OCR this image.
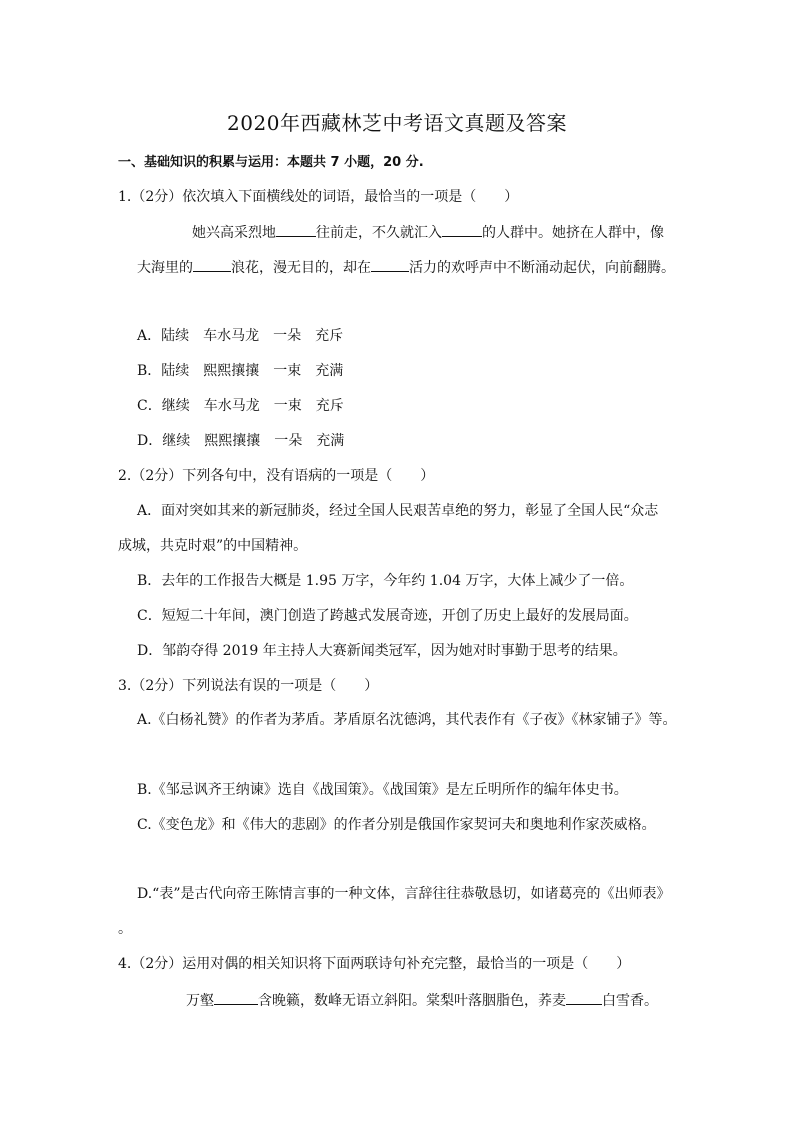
2020年西藏林芝中考语文真题及答案
一、基础知识的积累与运用：本题共 7 小题，20 分.
1.（2分）依次填入下面横线处的词语，最恰当的一项是（　　）
她兴高采烈地	往前走，不久就汇入	的人群中。她挤在人群中，像
大海里的	浪花，漫无目的，却在	活力的欢呼声中不断涌动起伏，向前翻腾。
A．陆续　车水马龙　一朵　充斥
B．陆续　熙熙攘攘　一束　充满
C．继续　车水马龙　一束　充斥
D．继续　熙熙攘攘　一朵　充满
2.（2分）下列各句中，没有语病的一项是（　　）
A．面对突如其来的新冠肺炎，经过全国人民艰苦卓绝的努力，彰显了全国人民“众志
成城，共克时艰”的中国精神。
B．去年的工作报告大概是 1.95 万字，今年约 1.04 万字，大体上减少了一倍。
C．短短二十年间，澳门创造了跨越式发展奇迹，开创了历史上最好的发展局面。
D．邹韵夺得 2019 年主持人大赛新闻类冠军，因为她对时事勤于思考的结果。
3.（2分）下列说法有误的一项是（　　）
A.《白杨礼赞》的作者为茅盾。茅盾原名沈德鸿，其代表作有《子夜》《林家铺子》等。
B.《邹忌讽齐王纳谏》选自《战国策》。《战国策》是左丘明所作的编年体史书。
C.《变色龙》和《伟大的悲剧》的作者分别是俄国作家契诃夫和奥地利作家茨威格。
D.“表”是古代向帝王陈情言事的一种文体，言辞往往恭敬恳切，如诸葛亮的《出师表》
。
4.（2分）运用对偶的相关知识将下面两联诗句补充完整，最恰当的一项是（　　）
万壑	含晚籁，数峰无语立斜阳。棠梨叶落胭脂色，荞麦	白雪香。
